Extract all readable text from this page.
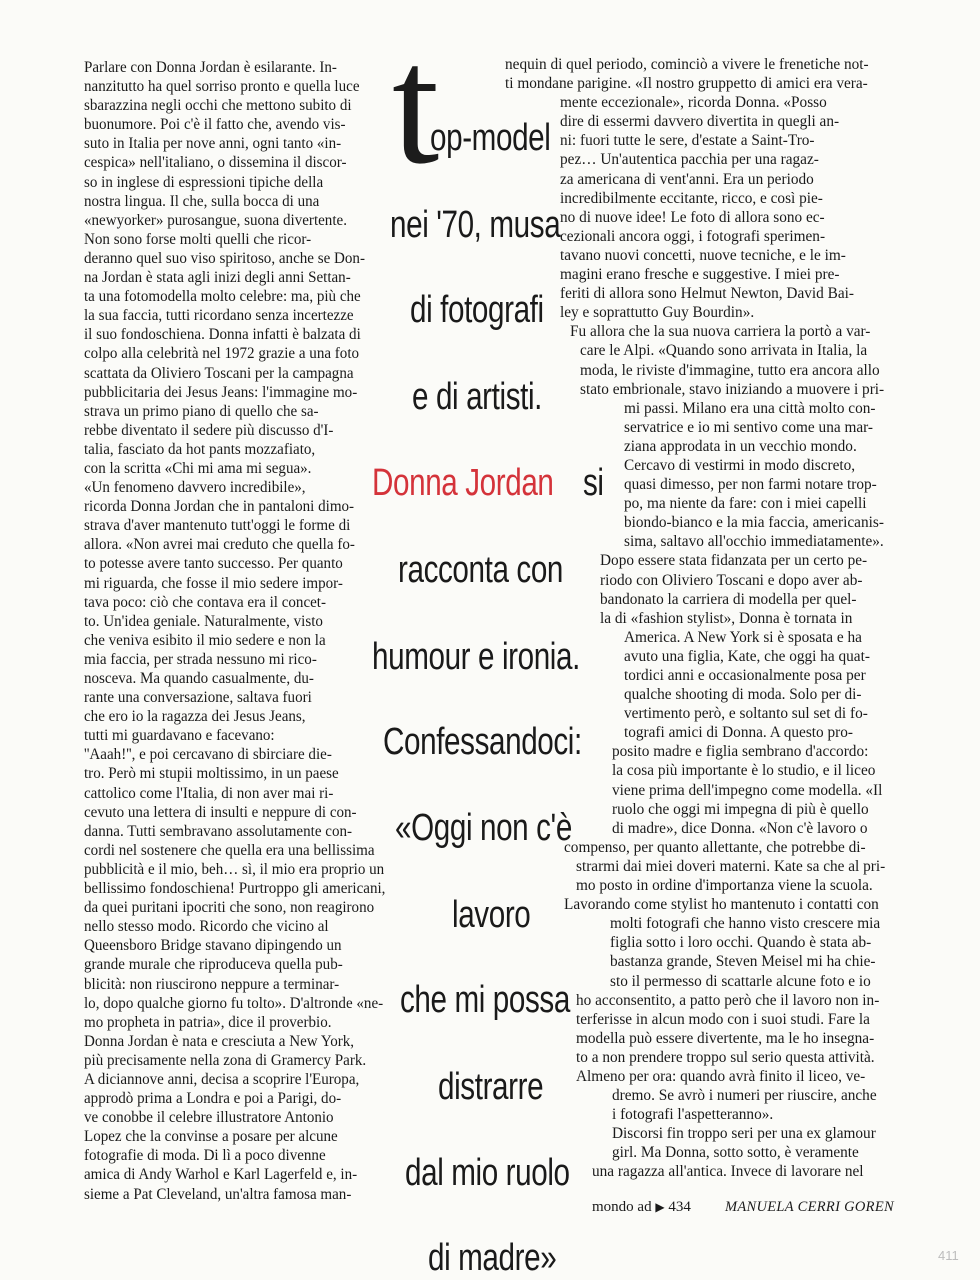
Parlare con Donna Jordan è esilarante. In-
nanzitutto ha quel sorriso pronto e quella luce
sbarazzina negli occhi che mettono subito di
buonumore. Poi c'è il fatto che, avendo vis-
suto in Italia per nove anni, ogni tanto «in-
cespica» nell'italiano, o dissemina il discor-
so in inglese di espressioni tipiche della
nostra lingua. Il che, sulla bocca di una
«newyorker» purosangue, suona divertente.
Non sono forse molti quelli che ricor-
deranno quel suo viso spiritoso, anche se Don-
na Jordan è stata agli inizi degli anni Settan-
ta una fotomodella molto celebre: ma, più che
la sua faccia, tutti ricordano senza incertezze
il suo fondoschiena. Donna infatti è balzata di
colpo alla celebrità nel 1972 grazie a una foto
scattata da Oliviero Toscani per la campagna
pubblicitaria dei Jesus Jeans: l'immagine mo-
strava un primo piano di quello che sa-
rebbe diventato il sedere più discusso d'I-
talia, fasciato da hot pants mozzafiato,
con la scritta «Chi mi ama mi segua».
«Un fenomeno davvero incredibile»,
ricorda Donna Jordan che in pantaloni dimo-
strava d'aver mantenuto tutt'oggi le forme di
allora. «Non avrei mai creduto che quella fo-
to potesse avere tanto successo. Per quanto
mi riguarda, che fosse il mio sedere impor-
tava poco: ciò che contava era il concet-
to. Un'idea geniale. Naturalmente, visto
che veniva esibito il mio sedere e non la
mia faccia, per strada nessuno mi rico-
nosceva. Ma quando casualmente, du-
rante una conversazione, saltava fuori
che ero io la ragazza dei Jesus Jeans,
tutti mi guardavano e facevano:
''Aaah!'', e poi cercavano di sbirciare die-
tro. Però mi stupii moltissimo, in un paese
cattolico come l'Italia, di non aver mai ri-
cevuto una lettera di insulti e neppure di con-
danna. Tutti sembravano assolutamente con-
cordi nel sostenere che quella era una bellissima
pubblicità e il mio, beh… sì, il mio era proprio un
bellissimo fondoschiena! Purtroppo gli americani,
da quei puritani ipocriti che sono, non reagirono
nello stesso modo. Ricordo che vicino al
Queensboro Bridge stavano dipingendo un
grande murale che riproduceva quella pub-
blicità: non riuscirono neppure a terminar-
lo, dopo qualche giorno fu tolto». D'altronde «ne-
mo propheta in patria», dice il proverbio.
Donna Jordan è nata e cresciuta a New York,
più precisamente nella zona di Gramercy Park.
A diciannove anni, decisa a scoprire l'Europa,
approdò prima a Londra e poi a Parigi, do-
ve conobbe il celebre illustratore Antonio
Lopez che la convinse a posare per alcune
fotografie di moda. Di lì a poco divenne
amica di Andy Warhol e Karl Lagerfeld e, in-
sieme a Pat Cleveland, un'altra famosa man-
nequin di quel periodo, cominciò a vivere le frenetiche not-
ti mondane parigine. «Il nostro gruppetto di amici era vera-
mente eccezionale», ricorda Donna. «Posso
dire di essermi davvero divertita in quegli an-
ni: fuori tutte le sere, d'estate a Saint-Tro-
pez… Un'autentica pacchia per una ragaz-
za americana di vent'anni. Era un periodo
incredibilmente eccitante, ricco, e così pie-
no di nuove idee! Le foto di allora sono ec-
cezionali ancora oggi, i fotografi sperimen-
tavano nuovi concetti, nuove tecniche, e le im-
magini erano fresche e suggestive. I miei pre-
feriti di allora sono Helmut Newton, David Bai-
ley e soprattutto Guy Bourdin».
Fu allora che la sua nuova carriera la portò a var-
care le Alpi. «Quando sono arrivata in Italia, la
moda, le riviste d'immagine, tutto era ancora allo
stato embrionale, stavo iniziando a muovere i pri-
mi passi. Milano era una città molto con-
servatrice e io mi sentivo come una mar-
ziana approdata in un vecchio mondo.
Cercavo di vestirmi in modo discreto,
quasi dimesso, per non farmi notare trop-
po, ma niente da fare: con i miei capelli
biondo-bianco e la mia faccia, americanis-
sima, saltavo all'occhio immediatamente».
Dopo essere stata fidanzata per un certo pe-
riodo con Oliviero Toscani e dopo aver ab-
bandonato la carriera di modella per quel-
la di «fashion stylist», Donna è tornata in
America. A New York si è sposata e ha
avuto una figlia, Kate, che oggi ha quat-
tordici anni e occasionalmente posa per
qualche shooting di moda. Solo per di-
vertimento però, e soltanto sul set di fo-
tografi amici di Donna. A questo pro-
posito madre e figlia sembrano d'accordo:
la cosa più importante è lo studio, e il liceo
viene prima dell'impegno come modella. «Il
ruolo che oggi mi impegna di più è quello
di madre», dice Donna. «Non c'è lavoro o
compenso, per quanto allettante, che potrebbe di-
strarmi dai miei doveri materni. Kate sa che al pri-
mo posto in ordine d'importanza viene la scuola.
Lavorando come stylist ho mantenuto i contatti con
molti fotografi che hanno visto crescere mia
figlia sotto i loro occhi. Quando è stata ab-
bastanza grande, Steven Meisel mi ha chie-
sto il permesso di scattarle alcune foto e io
ho acconsentito, a patto però che il lavoro non in-
terferisse in alcun modo con i suoi studi. Fare la
modella può essere divertente, ma le ho insegna-
to a non prendere troppo sul serio questa attività.
Almeno per ora: quando avrà finito il liceo, ve-
dremo. Se avrò i numeri per riuscire, anche
i fotografi l'aspetteranno».
Discorsi fin troppo seri per una ex glamour
girl. Ma Donna, sotto sotto, è veramente
una ragazza all'antica. Invece di lavorare nel
t
op-model
nei '70, musa
di fotografi
e di artisti.
Donna Jordan si
racconta con
humour e ironia.
Confessandoci:
«Oggi non c'è
lavoro
che mi possa
distrarre
dal mio ruolo
di madre»
mondo ad ▶ 434 MANUELA CERRI GOREN
411
